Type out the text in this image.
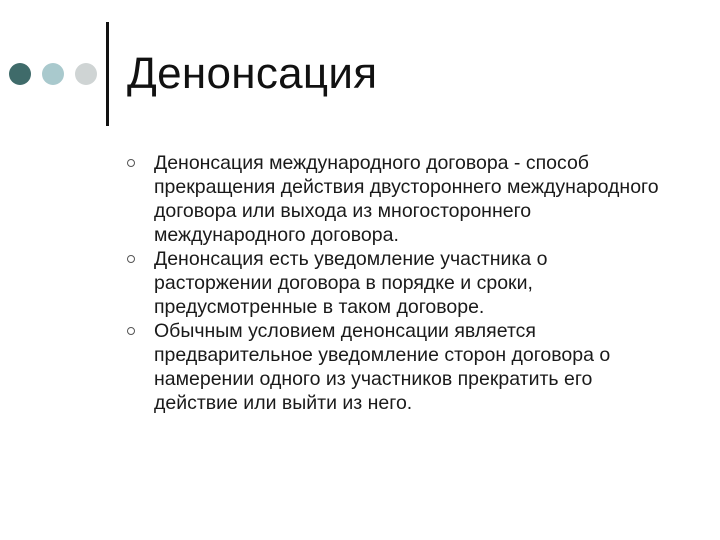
Денонсация
Денонсация международного договора - способ прекращения действия двустороннего международного договора или выхода из многостороннего международного договора.
Денонсация есть уведомление участника о расторжении договора в порядке и сроки, предусмотренные в таком договоре.
Обычным условием денонсации является предварительное уведомление сторон договора о намерении одного из участников прекратить его действие или выйти из него.
